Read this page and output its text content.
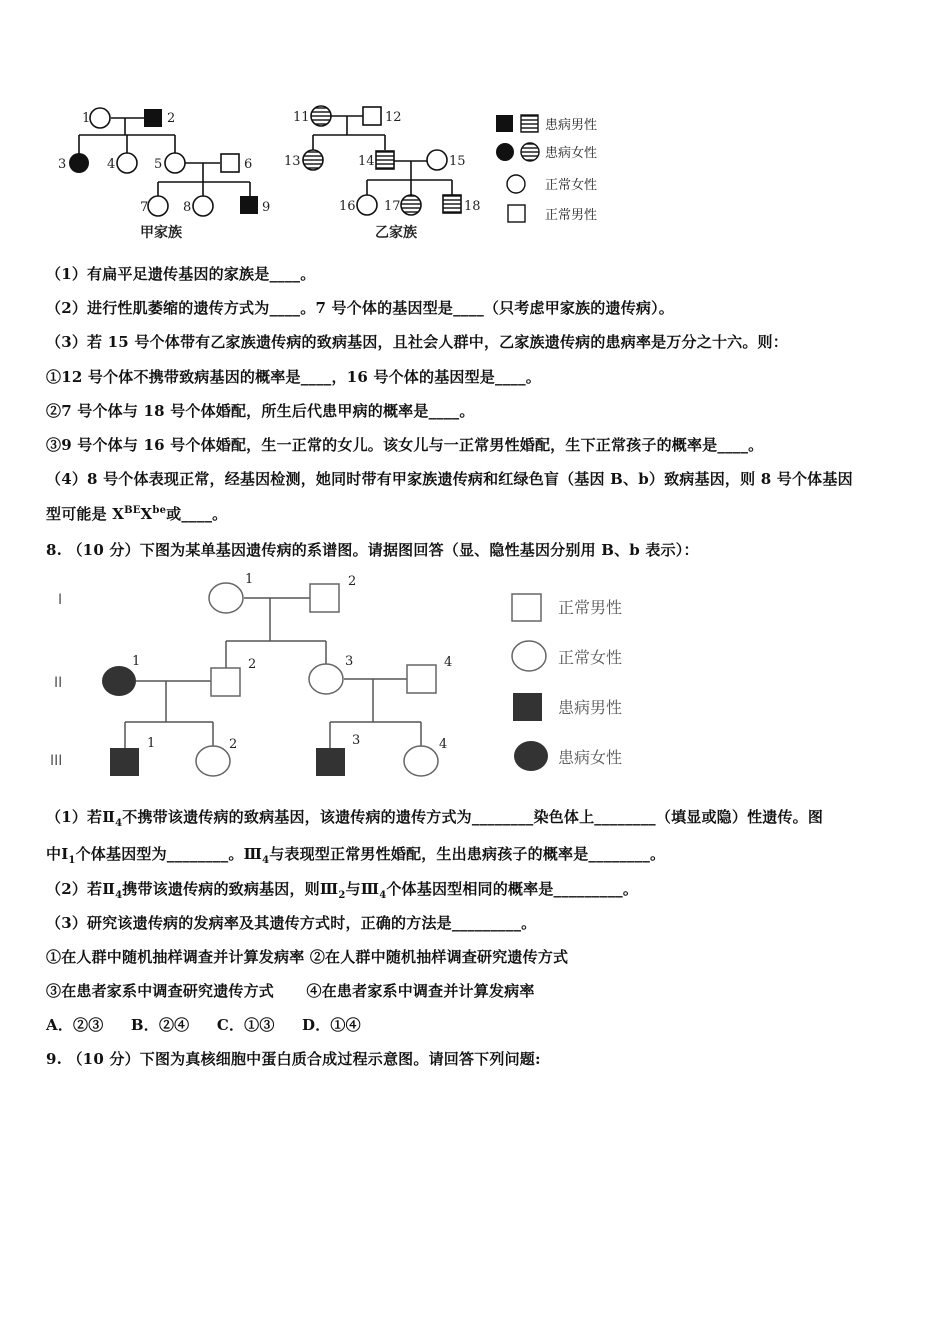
1	2
3	4	5	6
7	8	9
甲家族
11	12
13	14	15
16 17	18
乙家族
患病男性
患病女性
正常女性
正常男性
（1）有扁平足遗传基因的家族是____。
（2）进行性肌萎缩的遗传方式为____。7 号个体的基因型是____（只考虑甲家族的遗传病）。
（3）若 15 号个体带有乙家族遗传病的致病基因，且社会人群中，乙家族遗传病的患病率是万分之十六。则：
①12 号个体不携带致病基因的概率是____，16 号个体的基因型是____。
②7 号个体与 18 号个体婚配，所生后代患甲病的概率是____。
③9 号个体与 16 号个体婚配，生一正常的女儿。该女儿与一正常男性婚配，生下正常孩子的概率是____。
（4）8 号个体表现正常，经基因检测，她同时带有甲家族遗传病和红绿色盲（基因 B、b）致病基因，则 8 号个体基因
型可能是 $X^{BE}X^{be}$或____。
8. （10 分）下图为某单基因遗传病的系谱图。请据图回答（显、隐性基因分别用 B、b 表示）：
I
II
III
1	2
1	2	3	4
1	2	3	4
正常男性
正常女性
患病男性
患病女性
（1）若$Ⅱ_4$不携带该遗传病的致病基因，该遗传病的遗传方式为________染色体上________（填显或隐）性遗传。图
中$Ⅰ_1$个体基因型为________。$Ⅲ_4$与表现型正常男性婚配，生出患病孩子的概率是________。
（2）若$Ⅱ_4$携带该遗传病的致病基因，则$Ⅲ_2$与$Ⅲ_4$个体基因型相同的概率是_________。
（3）研究该遗传病的发病率及其遗传方式时，正确的方法是_________。
①在人群中随机抽样调查并计算发病率 ②在人群中随机抽样调查研究遗传方式
③在患者家系中调查研究遗传方式      ④在患者家系中调查并计算发病率
A．②③ B．②④ C．①③ D．①④
9. （10 分）下图为真核细胞中蛋白质合成过程示意图。请回答下列问题:
